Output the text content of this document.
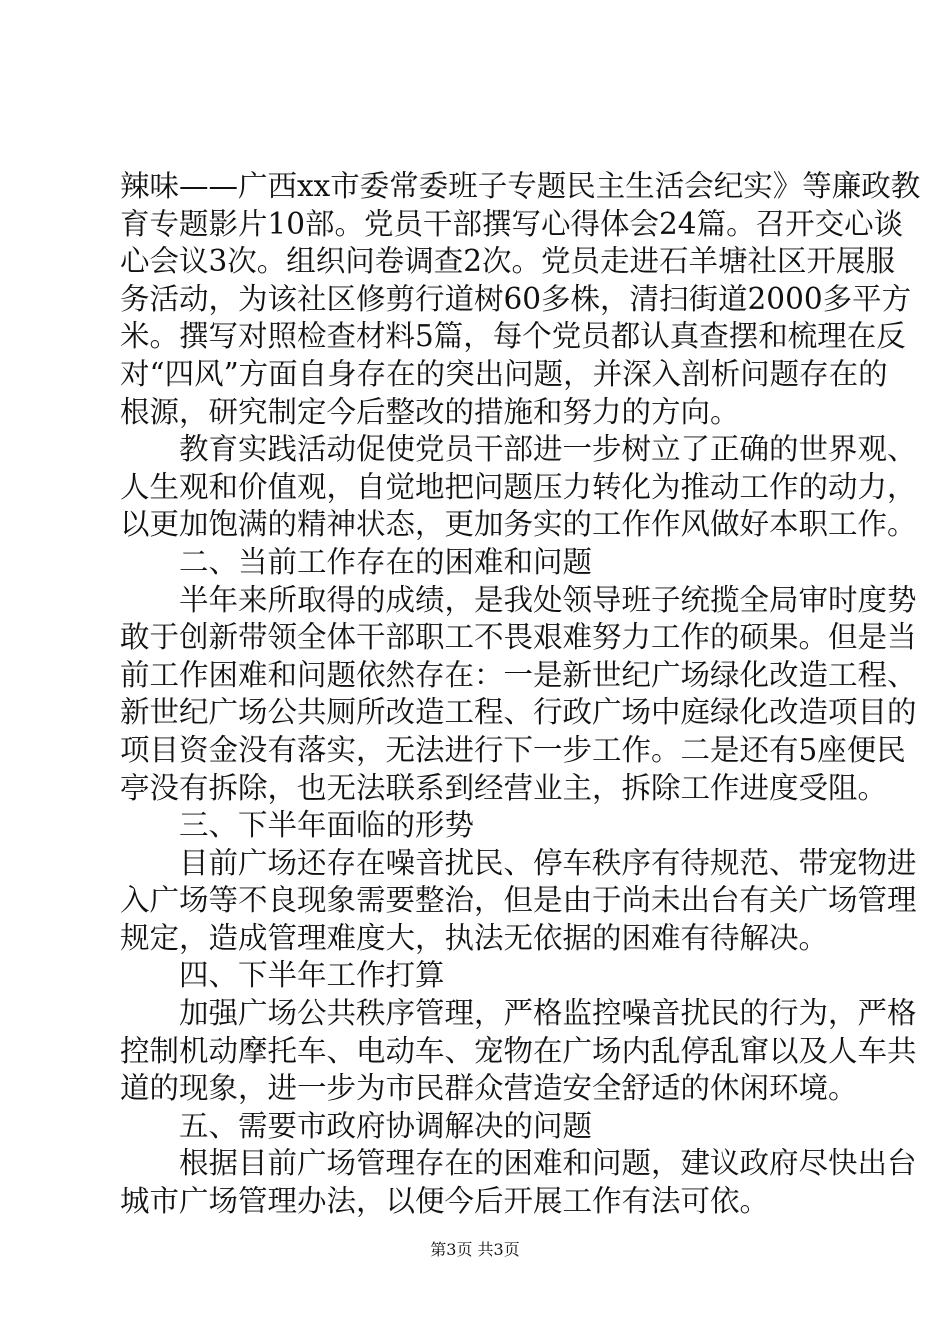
辣味——广西xx市委常委班子专题民主生活会纪实》等廉政教

育专题影片10部。党员干部撰写心得体会24篇。召开交心谈

心会议3次。组织问卷调查2次。党员走进石羊塘社区开展服

务活动，为该社区修剪行道树60多株，清扫街道2000多平方

米。撰写对照检查材料5篇，每个党员都认真查摆和梳理在反

对“四风”方面自身存在的突出问题，并深入剖析问题存在的

根源，研究制定今后整改的措施和努力的方向。

教育实践活动促使党员干部进一步树立了正确的世界观、

人生观和价值观，自觉地把问题压力转化为推动工作的动力，

以更加饱满的精神状态，更加务实的工作作风做好本职工作。

二、当前工作存在的困难和问题

半年来所取得的成绩，是我处领导班子统揽全局审时度势

敢于创新带领全体干部职工不畏艰难努力工作的硕果。但是当

前工作困难和问题依然存在：一是新世纪广场绿化改造工程、

新世纪广场公共厕所改造工程、行政广场中庭绿化改造项目的

项目资金没有落实，无法进行下一步工作。二是还有5座便民

亭没有拆除，也无法联系到经营业主，拆除工作进度受阻。

三、下半年面临的形势

目前广场还存在噪音扰民、停车秩序有待规范、带宠物进

入广场等不良现象需要整治，但是由于尚未出台有关广场管理

规定，造成管理难度大，执法无依据的困难有待解决。

四、下半年工作打算

加强广场公共秩序管理，严格监控噪音扰民的行为，严格

控制机动摩托车、电动车、宠物在广场内乱停乱窜以及人车共

道的现象，进一步为市民群众营造安全舒适的休闲环境。

五、需要市政府协调解决的问题

根据目前广场管理存在的困难和问题，建议政府尽快出台

城市广场管理办法，以便今后开展工作有法可依。

第3页 共3页
